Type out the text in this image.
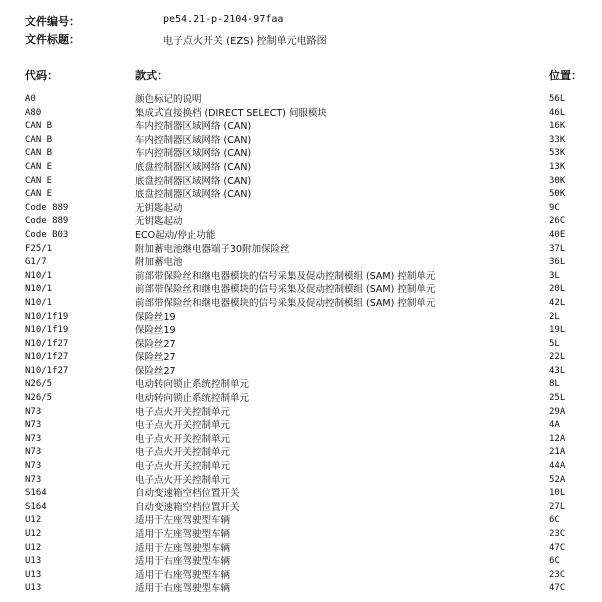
文件编号：	pe54.21-p-2104-97faa
文件标题：	电子点火开关 (EZS) 控制单元电路图
代码：	款式：	位置：
A0	颜色标记的说明	56L
A80	集成式直接换档 (DIRECT SELECT) 伺服模块	46L
CAN B	车内控制器区域网络 (CAN)	16K
CAN B	车内控制器区域网络 (CAN)	33K
CAN B	车内控制器区域网络 (CAN)	53K
CAN E	底盘控制器区域网络 (CAN)	13K
CAN E	底盘控制器区域网络 (CAN)	30K
CAN E	底盘控制器区域网络 (CAN)	50K
Code 889	无钥匙起动	9C
Code 889	无钥匙起动	26C
Code B03	ECO起动/停止功能	40E
F25/1	附加蓄电池继电器端子30附加保险丝	37L
G1/7	附加蓄电池	36L
N10/1	前部带保险丝和继电器模块的信号采集及促动控制模组 (SAM) 控制单元	3L
N10/1	前部带保险丝和继电器模块的信号采集及促动控制模组 (SAM) 控制单元	20L
N10/1	前部带保险丝和继电器模块的信号采集及促动控制模组 (SAM) 控制单元	42L
N10/1f19	保险丝19	2L
N10/1f19	保险丝19	19L
N10/1f27	保险丝27	5L
N10/1f27	保险丝27	22L
N10/1f27	保险丝27	43L
N26/5	电动转向锁止系统控制单元	8L
N26/5	电动转向锁止系统控制单元	25L
N73	电子点火开关控制单元	29A
N73	电子点火开关控制单元	4A
N73	电子点火开关控制单元	12A
N73	电子点火开关控制单元	21A
N73	电子点火开关控制单元	44A
N73	电子点火开关控制单元	52A
S164	自动变速箱空档位置开关	10L
S164	自动变速箱空档位置开关	27L
U12	适用于左座驾驶型车辆	6C
U12	适用于左座驾驶型车辆	23C
U12	适用于左座驾驶型车辆	47C
U13	适用于右座驾驶型车辆	6C
U13	适用于右座驾驶型车辆	23C
U13	适用于右座驾驶型车辆	47C
